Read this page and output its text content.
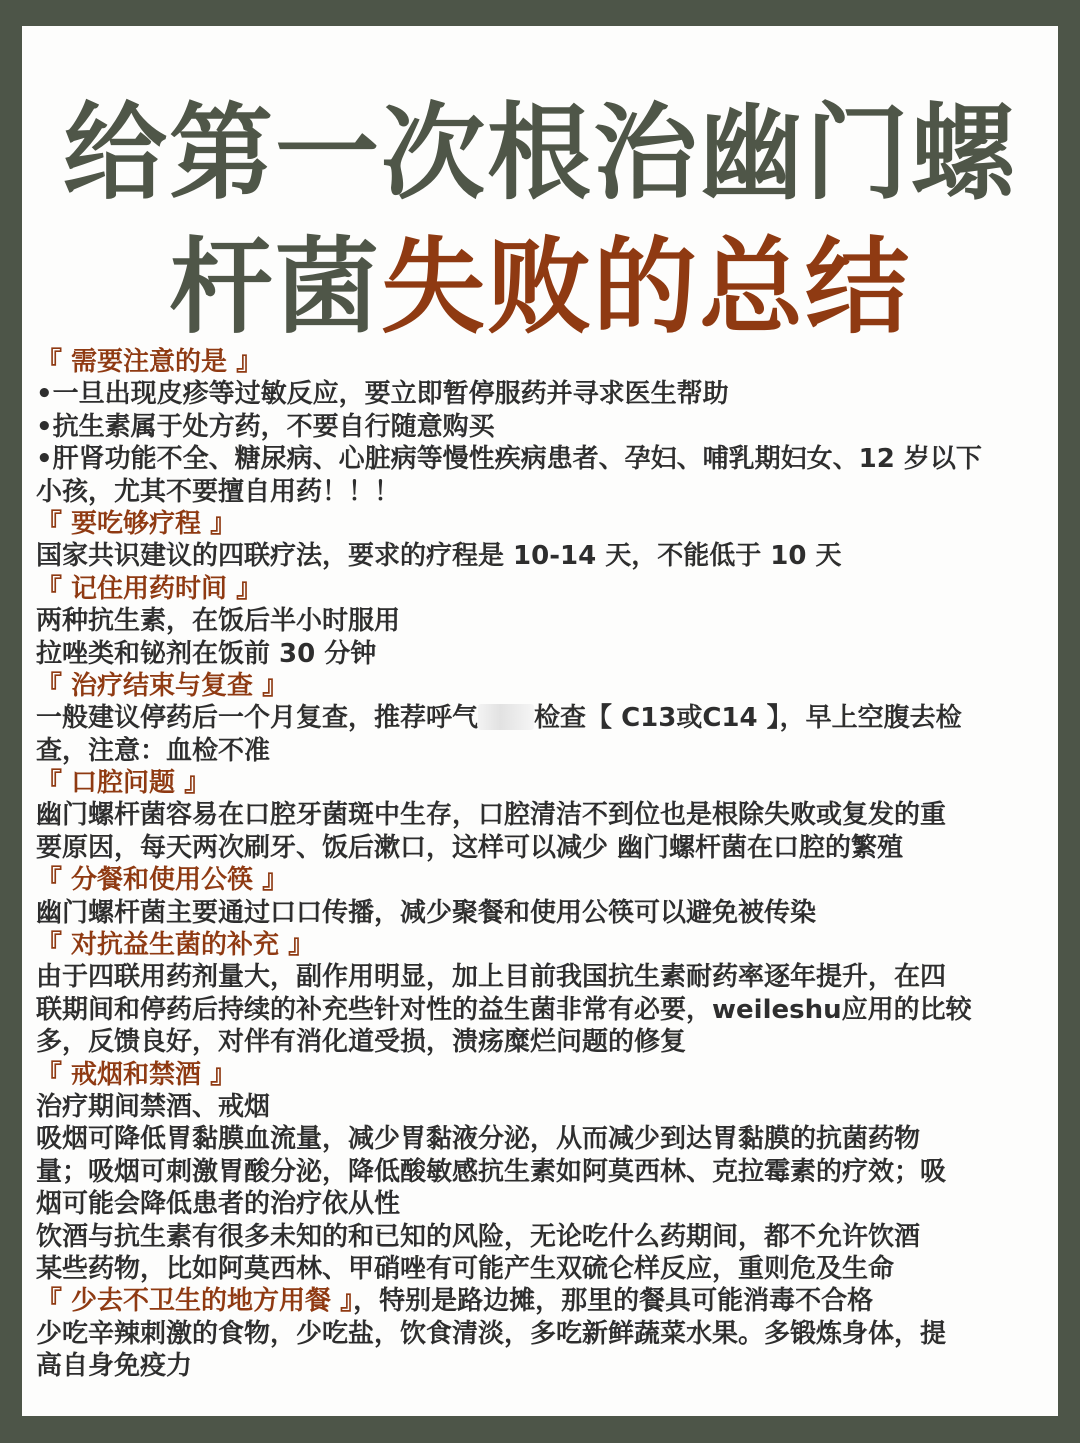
给第一次根治幽门螺
杆菌失败的总结
『 需要注意的是 』
•一旦出现皮疹等过敏反应，要立即暂停服药并寻求医生帮助
•抗生素属于处方药，不要自行随意购买
•肝肾功能不全、糖尿病、心脏病等慢性疾病患者、孕妇、哺乳期妇女、12 岁以下
小孩，尤其不要擅自用药！！！
『 要吃够疗程 』
国家共识建议的四联疗法，要求的疗程是 10-14 天，不能低于 10 天
『 记住用药时间 』
两种抗生素，在饭后半小时服用
拉唑类和铋剂在饭前 30 分钟
『 治疗结束与复查 』
一般建议停药后一个月复查，推荐呼气 检查【 C13或C14 】，早上空腹去检
查，注意：血检不准
『 口腔问题 』
幽门螺杆菌容易在口腔牙菌斑中生存，口腔清洁不到位也是根除失败或复发的重
要原因，每天两次刷牙、饭后漱口，这样可以减少 幽门螺杆菌在口腔的繁殖
『 分餐和使用公筷 』
幽门螺杆菌主要通过口口传播，减少聚餐和使用公筷可以避免被传染
『 对抗益生菌的补充 』
由于四联用药剂量大，副作用明显，加上目前我国抗生素耐药率逐年提升，在四
联期间和停药后持续的补充些针对性的益生菌非常有必要，weileshu应用的比较
多，反馈良好，对伴有消化道受损，溃疡糜烂问题的修复
『 戒烟和禁酒 』
治疗期间禁酒、戒烟
吸烟可降低胃黏膜血流量，减少胃黏液分泌，从而减少到达胃黏膜的抗菌药物
量；吸烟可刺激胃酸分泌，降低酸敏感抗生素如阿莫西林、克拉霉素的疗效；吸
烟可能会降低患者的治疗依从性
饮酒与抗生素有很多未知的和已知的风险，无论吃什么药期间，都不允许饮酒
某些药物，比如阿莫西林、甲硝唑有可能产生双硫仑样反应，重则危及生命
『 少去不卫生的地方用餐 』，特别是路边摊，那里的餐具可能消毒不合格
少吃辛辣刺激的食物，少吃盐，饮食清淡，多吃新鲜蔬菜水果。多锻炼身体，提
高自身免疫力
